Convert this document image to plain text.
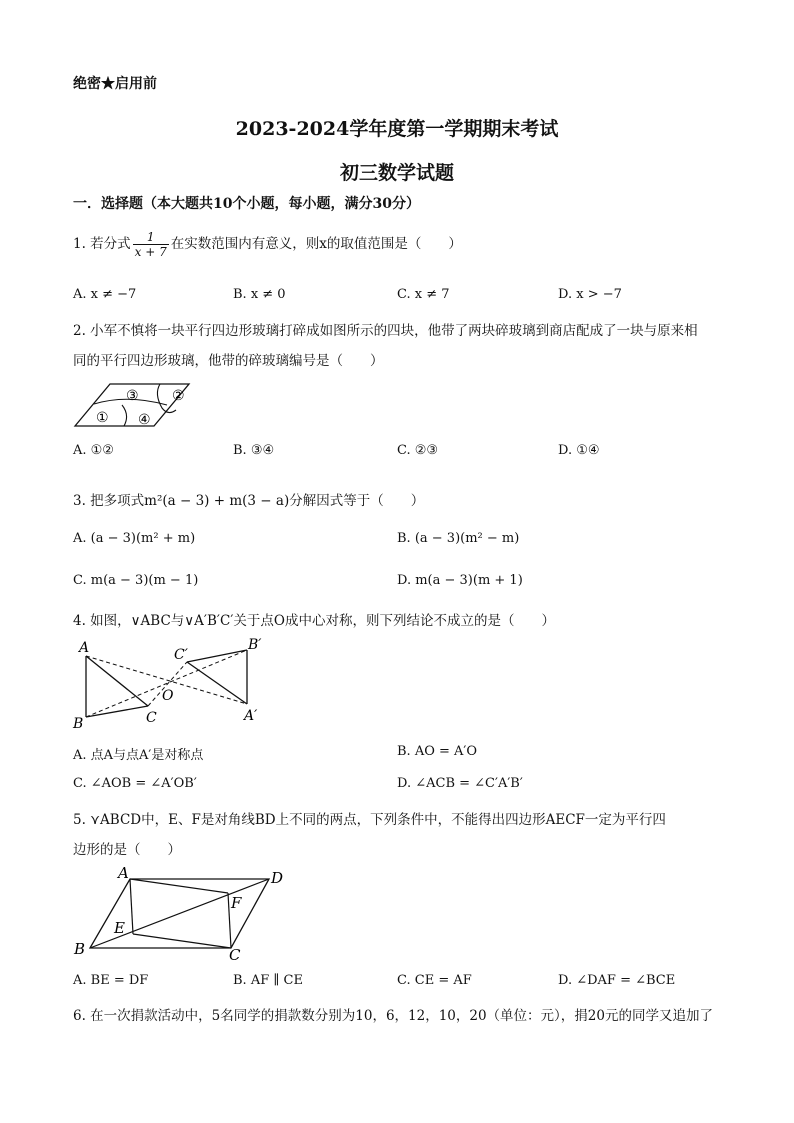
绝密★启用前
2023-2024学年度第一学期期末考试
初三数学试题
一．选择题（本大题共10个小题，每小题，满分30分）
1. 若分式 $\frac{1}{x + 7}$ 在实数范围内有意义，则x的取值范围是（　　）
A. x ≠ −7	B. x ≠ 0	C. x ≠ 7	D. x > −7
2. 小军不慎将一块平行四边形玻璃打碎成如图所示的四块，他带了两块碎玻璃到商店配成了一块与原来相
同的平行四边形玻璃，他带的碎玻璃编号是（　　）
①
②
③
④
A. ①②	B. ③④	C. ②③	D. ①④
3. 把多项式m²(a − 3) + m(3 − a)分解因式等于（　　）
A. (a − 3)(m² + m)	B. (a − 3)(m² − m)
C. m(a − 3)(m − 1)	D. m(a − 3)(m + 1)
4. 如图，∨ABC与∨A′B′C′关于点O成中心对称，则下列结论不成立的是（　　）
A
B	C
O
C′
B′
A′
A. 点A与点A′是对称点	B. AO = A′O
C. ∠AOB = ∠A′OB′	D. ∠ACB = ∠C′A′B′
5. ⋎ABCD中，E、F是对角线BD上不同的两点，下列条件中，不能得出四边形AECF一定为平行四
边形的是（　　）
A
B	C
D
E
F
A. BE = DF	B. AF ∥ CE	C. CE = AF	D. ∠DAF = ∠BCE
6. 在一次捐款活动中，5名同学的捐款数分别为10，6，12，10，20（单位：元），捐20元的同学又追加了
